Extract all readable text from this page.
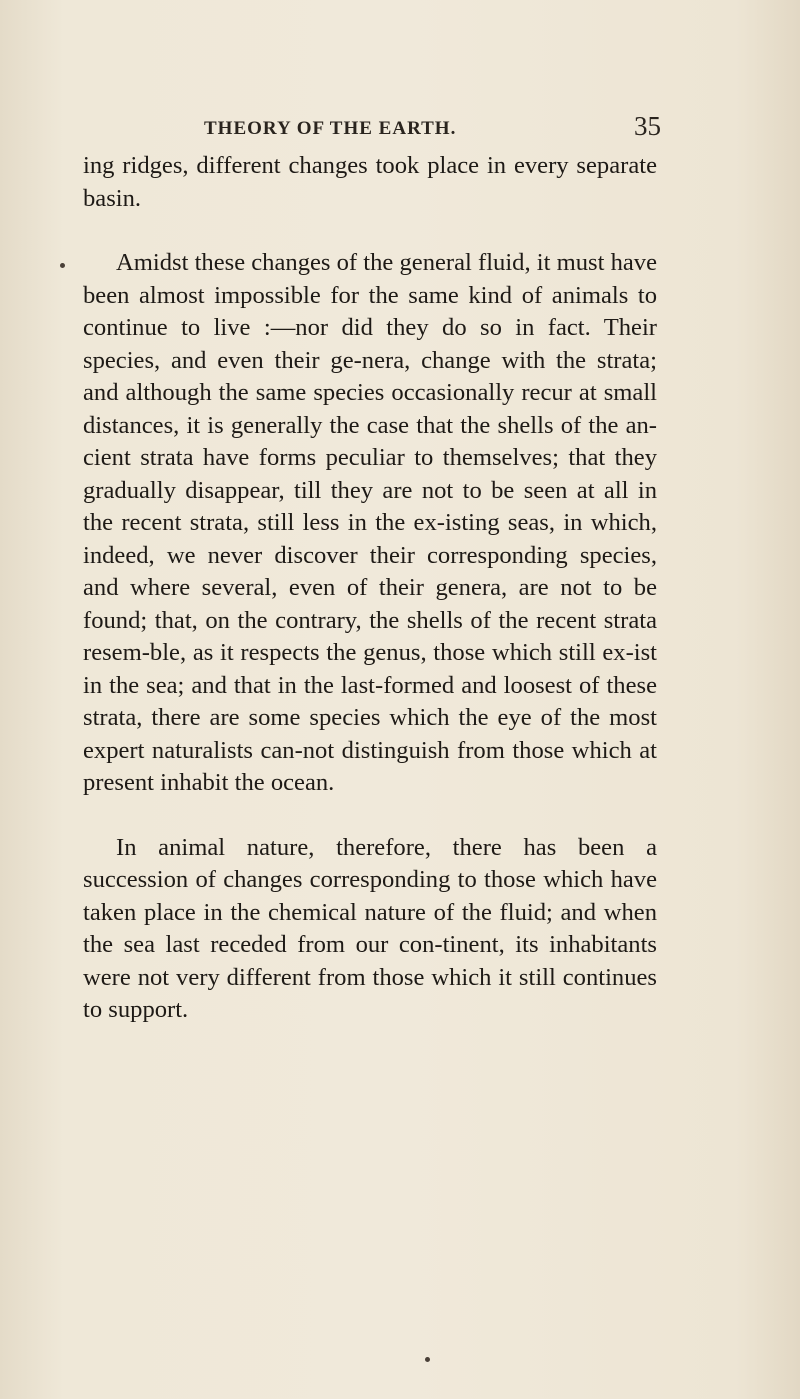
THEORY OF THE EARTH.	35

ing ridges, different changes took place in every separate basin.

Amidst these changes of the general fluid, it must have been almost impossible for the same kind of animals to continue to live :—nor did they do so in fact. Their species, and even their ge-nera, change with the strata; and although the same species occasionally recur at small distances, it is generally the case that the shells of the an-cient strata have forms peculiar to themselves; that they gradually disappear, till they are not to be seen at all in the recent strata, still less in the ex-isting seas, in which, indeed, we never discover their corresponding species, and where several, even of their genera, are not to be found; that, on the contrary, the shells of the recent strata resem-ble, as it respects the genus, those which still ex-ist in the sea; and that in the last-formed and loosest of these strata, there are some species which the eye of the most expert naturalists can-not distinguish from those which at present inhabit the ocean.

In animal nature, therefore, there has been a succession of changes corresponding to those which have taken place in the chemical nature of the fluid; and when the sea last receded from our con-tinent, its inhabitants were not very different from those which it still continues to support.
